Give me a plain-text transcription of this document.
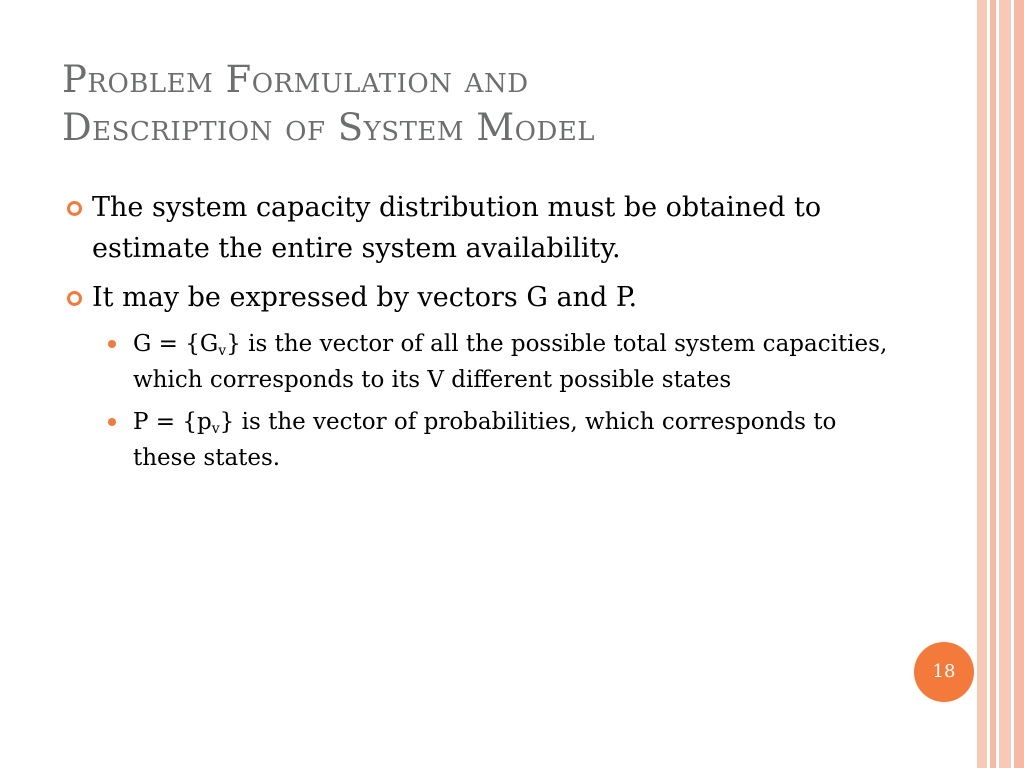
Problem Formulation and
Description of System Model
The system capacity distribution must be obtained to estimate the entire system availability.
It may be expressed by vectors G and P.
$G = \{G_v\}$ is the vector of all the possible total system capacities, which corresponds to its V different possible states
$P = \{p_v\}$ is the vector of probabilities, which corresponds to these states.
18
